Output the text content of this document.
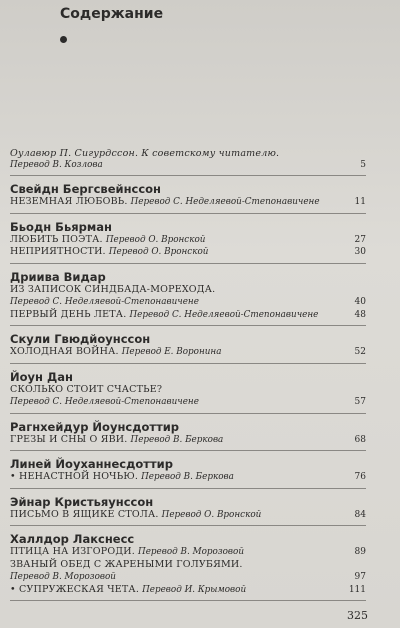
Содержание
Оулавюр П. Сигурдссон. К советскому читателю.
Перевод В. Козлова	5
Свейдн Бергсвейнссон
НЕЗЕМНАЯ ЛЮБОВЬ. Перевод С. Неделяевой-Степонавичене	11
Бьодн Бьярман
ЛЮБИТЬ ПОЭТА. Перевод О. Вронской	27
НЕПРИЯТНОСТИ. Перевод О. Вронской	30
Дриива Видар
ИЗ ЗАПИСОК СИНДБАДА-МОРЕХОДА.
Перевод С. Неделяевой-Степонавичене	40
ПЕРВЫЙ ДЕНЬ ЛЕТА. Перевод С. Неделяевой-Степонавичене	48
Скули Гвюдйоунссон
ХОЛОДНАЯ ВОЙНА. Перевод Е. Воронина	52
Йоун Дан
СКОЛЬКО СТОИТ СЧАСТЬЕ?
Перевод С. Неделяевой-Степонавичене	57
Рагнхейдур Йоунсдоттир
ГРЕЗЫ И СНЫ О ЯВИ. Перевод В. Беркова	68
Линей Йоуханнесдоттир
• НЕНАСТНОЙ НОЧЬЮ. Перевод В. Беркова	76
Эйнар Кристьяунссон
ПИСЬМО В ЯЩИКЕ СТОЛА. Перевод О. Вронской	84
Халлдор Лакснесс
ПТИЦА НА ИЗГОРОДИ. Перевод В. Морозовой	89
ЗВАНЫЙ ОБЕД С ЖАРЕНЫМИ ГОЛУБЯМИ.
Перевод В. Морозовой	97
• СУПРУЖЕСКАЯ ЧЕТА. Перевод И. Крымовой	111
325
